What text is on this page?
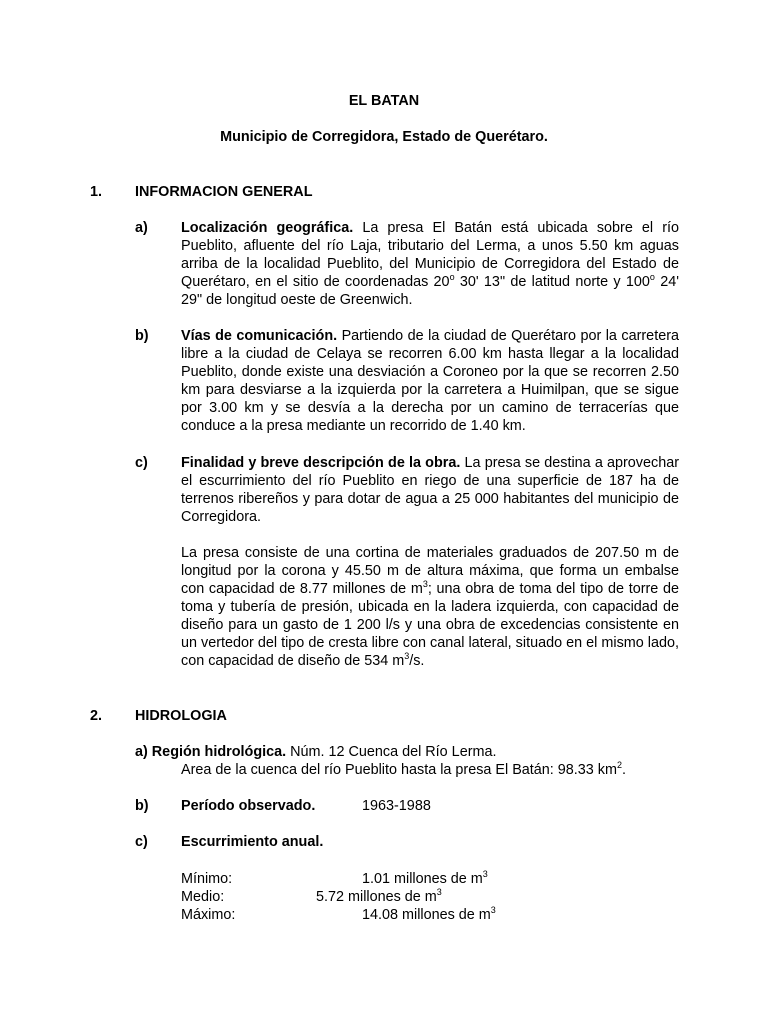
EL BATAN
Municipio de Corregidora, Estado de Querétaro.
1. INFORMACION GENERAL
a) Localización geográfica. La presa El Batán está ubicada sobre el río Pueblito, afluente del río Laja, tributario del Lerma, a unos 5.50 km aguas arriba de la localidad Pueblito, del Municipio de Corregidora del Estado de Querétaro, en el sitio de coordenadas 20$^o$ 30' 13" de latitud norte y 100$^o$ 24' 29" de longitud oeste de Greenwich.

b) Vías de comunicación. Partiendo de la ciudad de Querétaro por la carretera libre a la ciudad de Celaya se recorren 6.00 km hasta llegar a la localidad Pueblito, donde existe una desviación a Coroneo por la que se recorren 2.50 km para desviarse a la izquierda por la carretera a Huimilpan, que se sigue por 3.00 km y se desvía a la derecha por un camino de terracerías que conduce a la presa mediante un recorrido de 1.40 km.

c) Finalidad y breve descripción de la obra. La presa se destina a aprovechar el escurrimiento del río Pueblito en riego de una superficie de 187 ha de terrenos ribereños y para dotar de agua a 25 000 habitantes del municipio de Corregidora.

La presa consiste de una cortina de materiales graduados de 207.50 m de longitud por la corona y 45.50 m de altura máxima, que forma un embalse con capacidad de 8.77 millones de $m^3$; una obra de toma del tipo de torre de toma y tubería de presión, ubicada en la ladera izquierda, con capacidad de diseño para un gasto de 1 200 l/s y una obra de excedencias consistente en un vertedor del tipo de cresta libre con canal lateral, situado en el mismo lado, con capacidad de diseño de 534 $m^3/s$.

2. HIDROLOGIA

a) Región hidrológica. Núm. 12 Cuenca del Río Lerma.

Area de la cuenca del río Pueblito hasta la presa El Batán: 98.33 $km^2$.

b) Período observado.	1963-1988
c) Escurrimiento anual.
Mínimo:	1.01 millones de $m^3$
Medio:	5.72 millones de $m^3$
Máximo:	14.08 millones de $m^3$
